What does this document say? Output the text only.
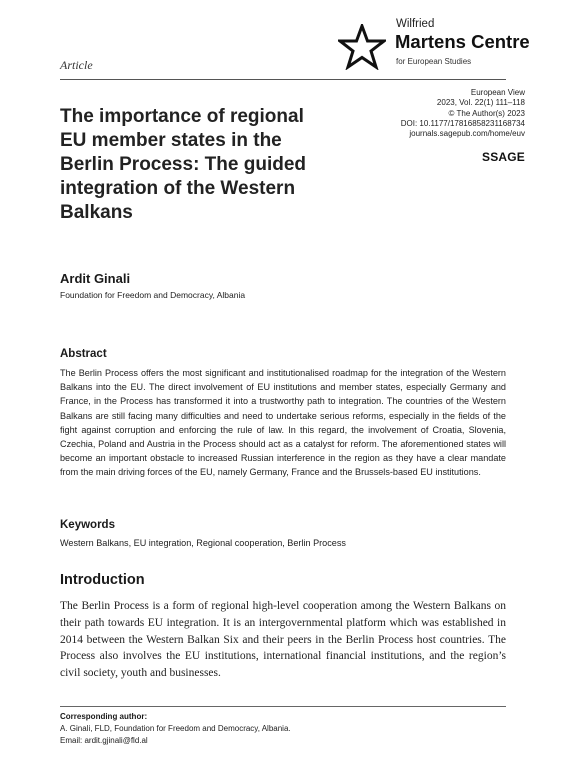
Article
Wilfried
Martens Centre
for European Studies
European View
2023, Vol. 22(1) 111–118
© The Author(s) 2023
DOI: 10.1177/17816858231168734
journals.sagepub.com/home/euv
SSAGE
The importance of regional
EU member states in the
Berlin Process: The guided
integration of the Western
Balkans
Ardit Ginali
Foundation for Freedom and Democracy, Albania
Abstract

The Berlin Process offers the most significant and institutionalised roadmap for the integration of the Western Balkans into the EU. The direct involvement of EU institutions and member states, especially Germany and France, in the Process has transformed it into a trustworthy path to integration. The countries of the Western Balkans are still facing many difficulties and need to undertake serious reforms, especially in the fields of the fight against corruption and enforcing the rule of law. In this regard, the involvement of Croatia, Slovenia, Czechia, Poland and Austria in the Process should act as a catalyst for reform. The aforementioned states will become an important obstacle to increased Russian interference in the region as they have a clear mandate from the main driving forces of the EU, namely Germany, France and the Brussels-based EU institutions.

Keywords
Western Balkans, EU integration, Regional cooperation, Berlin Process
Introduction

The Berlin Process is a form of regional high-level cooperation among the Western Balkans on their path towards EU integration. It is an intergovernmental platform which was established in 2014 between the Western Balkan Six and their peers in the Berlin Process host countries. The Process also involves the EU institutions, international financial institutions, and the region’s civil society, youth and businesses.

Corresponding author:
A. Ginali, FLD, Foundation for Freedom and Democracy, Albania.
Email: ardit.gjinali@fld.al
